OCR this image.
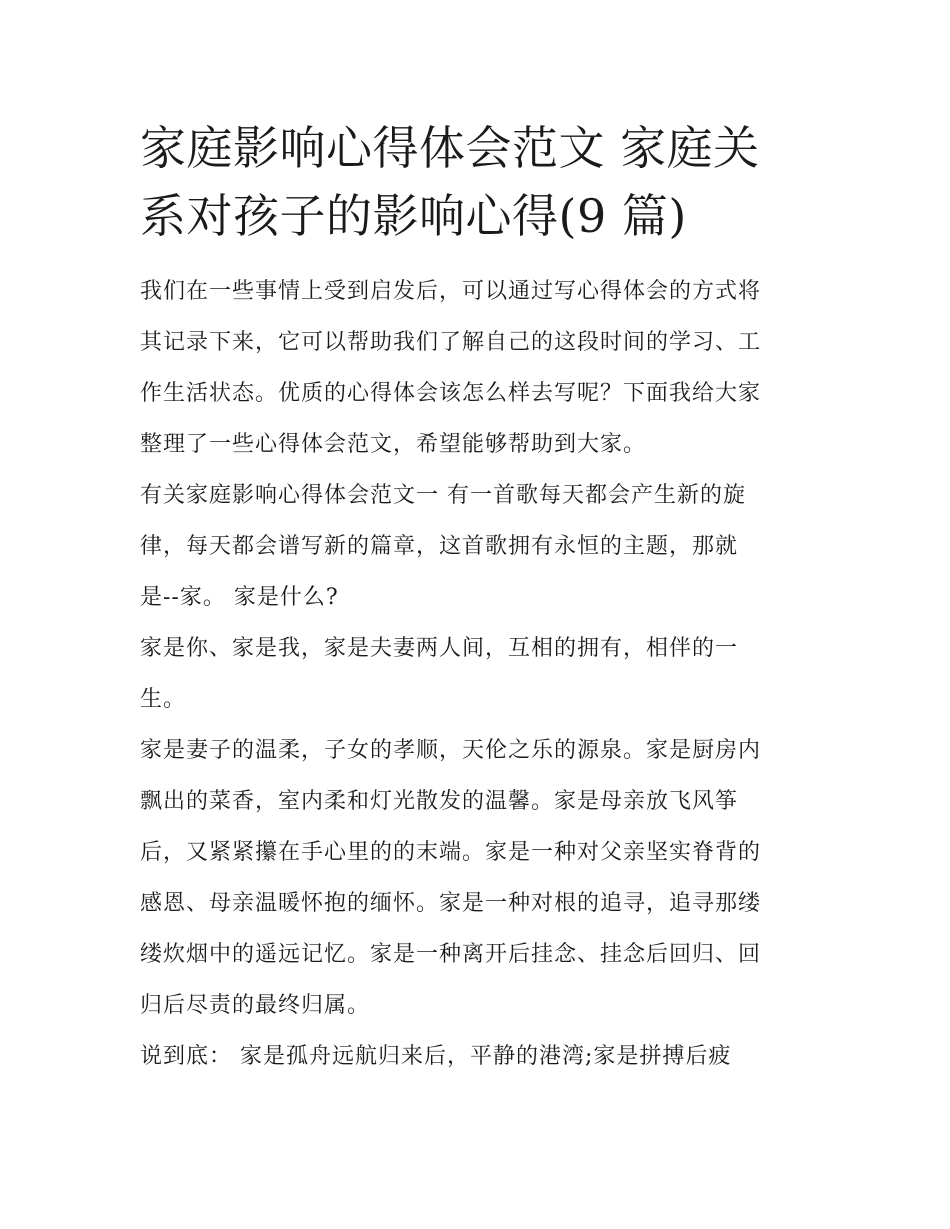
家庭影响心得体会范文 家庭关
系对孩子的影响心得(9 篇)

我们在一些事情上受到启发后，可以通过写心得体会的方式将
其记录下来，它可以帮助我们了解自己的这段时间的学习、工
作生活状态。优质的心得体会该怎么样去写呢？下面我给大家
整理了一些心得体会范文，希望能够帮助到大家。

有关家庭影响心得体会范文一 有一首歌每天都会产生新的旋
律，每天都会谱写新的篇章，这首歌拥有永恒的主题，那就
是--家。 家是什么?

家是你、家是我，家是夫妻两人间，互相的拥有，相伴的一
生。

家是妻子的温柔，子女的孝顺，天伦之乐的源泉。家是厨房内
飘出的菜香，室内柔和灯光散发的温馨。家是母亲放飞风筝
后，又紧紧攥在手心里的的末端。家是一种对父亲坚实脊背的
感恩、母亲温暖怀抱的缅怀。家是一种对根的追寻，追寻那缕
缕炊烟中的遥远记忆。家是一种离开后挂念、挂念后回归、回
归后尽责的最终归属。

说到底： 家是孤舟远航归来后，平静的港湾;家是拼搏后疲
